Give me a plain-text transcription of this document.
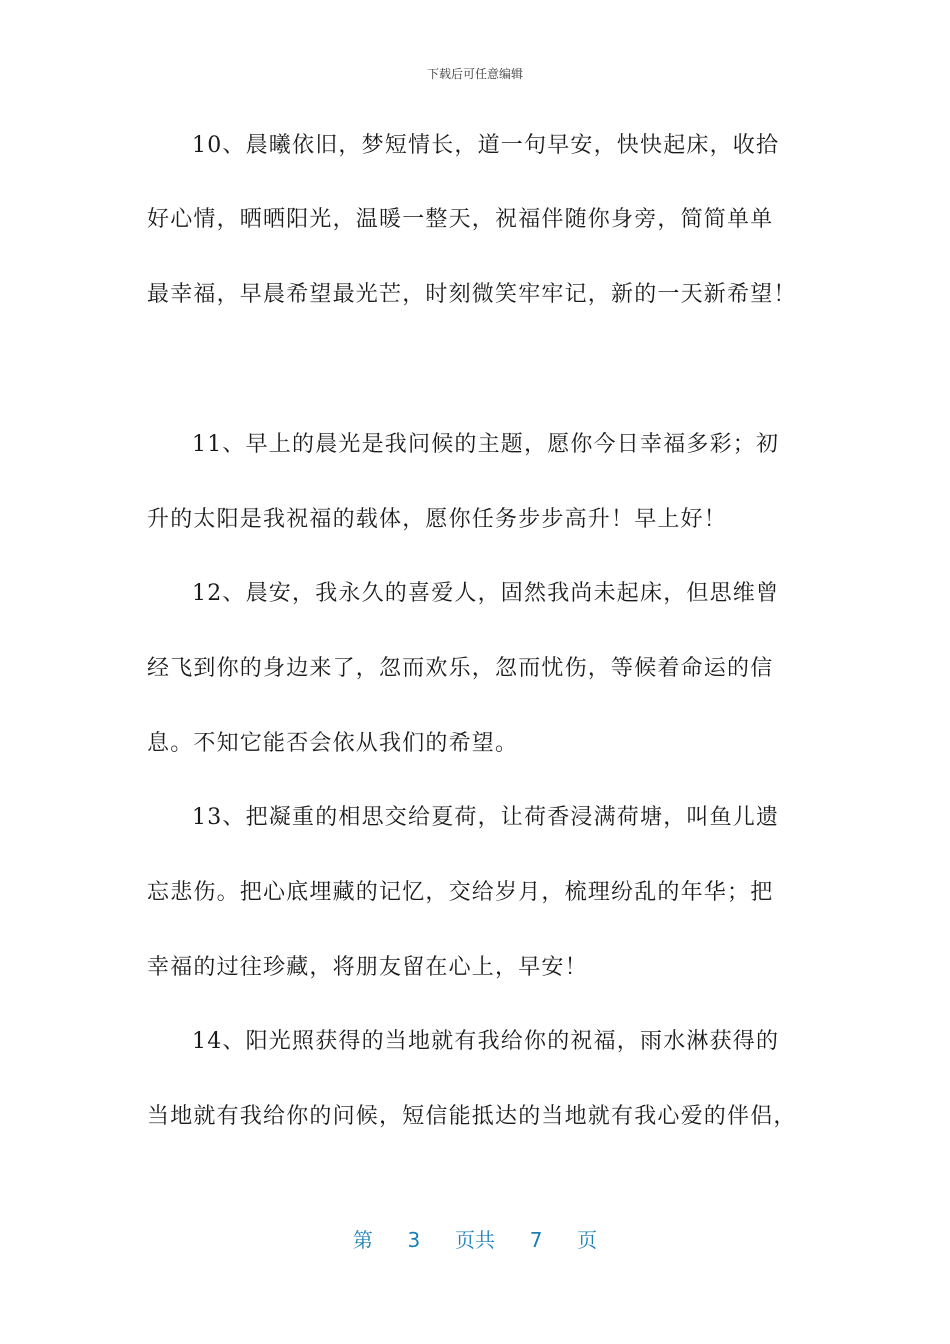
下载后可任意编辑
10、晨曦依旧，梦短情长，道一句早安，快快起床，收拾
好心情，晒晒阳光，温暖一整天，祝福伴随你身旁，简简单单
最幸福，早晨希望最光芒，时刻微笑牢牢记，新的一天新希望！
11、早上的晨光是我问候的主题，愿你今日幸福多彩；初
升的太阳是我祝福的载体，愿你任务步步高升！早上好！
12、晨安，我永久的喜爱人，固然我尚未起床，但思维曾
经飞到你的身边来了，忽而欢乐，忽而忧伤，等候着命运的信
息。不知它能否会依从我们的希望。
13、把凝重的相思交给夏荷，让荷香浸满荷塘，叫鱼儿遗
忘悲伤。把心底埋藏的记忆，交给岁月，梳理纷乱的年华；把
幸福的过往珍藏，将朋友留在心上，早安！
14、阳光照获得的当地就有我给你的祝福，雨水淋获得的
当地就有我给你的问候，短信能抵达的当地就有我心爱的伴侣，
第 3 页共 7 页
